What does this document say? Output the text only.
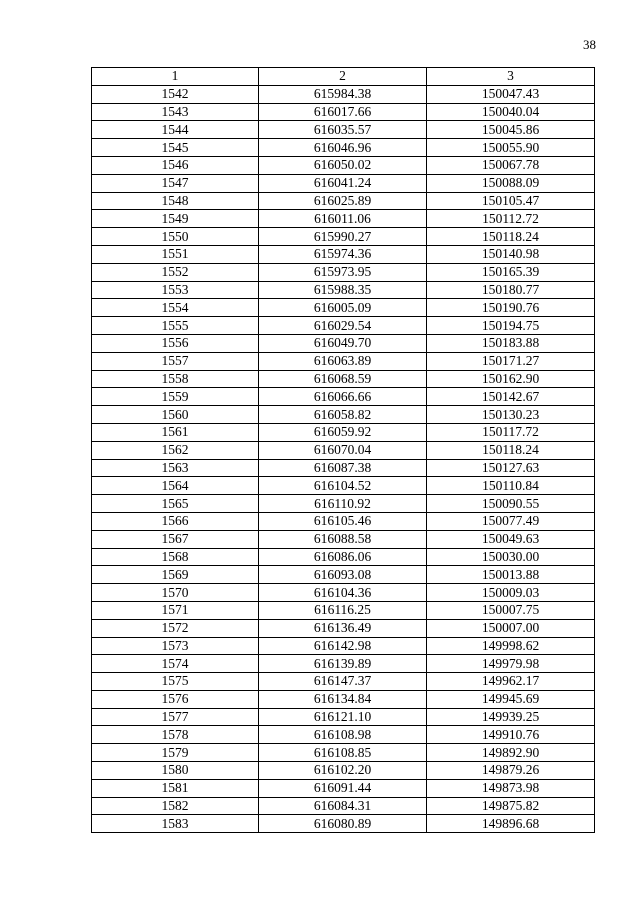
38
1	2	3
1542	615984.38	150047.43
1543	616017.66	150040.04
1544	616035.57	150045.86
1545	616046.96	150055.90
1546	616050.02	150067.78
1547	616041.24	150088.09
1548	616025.89	150105.47
1549	616011.06	150112.72
1550	615990.27	150118.24
1551	615974.36	150140.98
1552	615973.95	150165.39
1553	615988.35	150180.77
1554	616005.09	150190.76
1555	616029.54	150194.75
1556	616049.70	150183.88
1557	616063.89	150171.27
1558	616068.59	150162.90
1559	616066.66	150142.67
1560	616058.82	150130.23
1561	616059.92	150117.72
1562	616070.04	150118.24
1563	616087.38	150127.63
1564	616104.52	150110.84
1565	616110.92	150090.55
1566	616105.46	150077.49
1567	616088.58	150049.63
1568	616086.06	150030.00
1569	616093.08	150013.88
1570	616104.36	150009.03
1571	616116.25	150007.75
1572	616136.49	150007.00
1573	616142.98	149998.62
1574	616139.89	149979.98
1575	616147.37	149962.17
1576	616134.84	149945.69
1577	616121.10	149939.25
1578	616108.98	149910.76
1579	616108.85	149892.90
1580	616102.20	149879.26
1581	616091.44	149873.98
1582	616084.31	149875.82
1583	616080.89	149896.68
